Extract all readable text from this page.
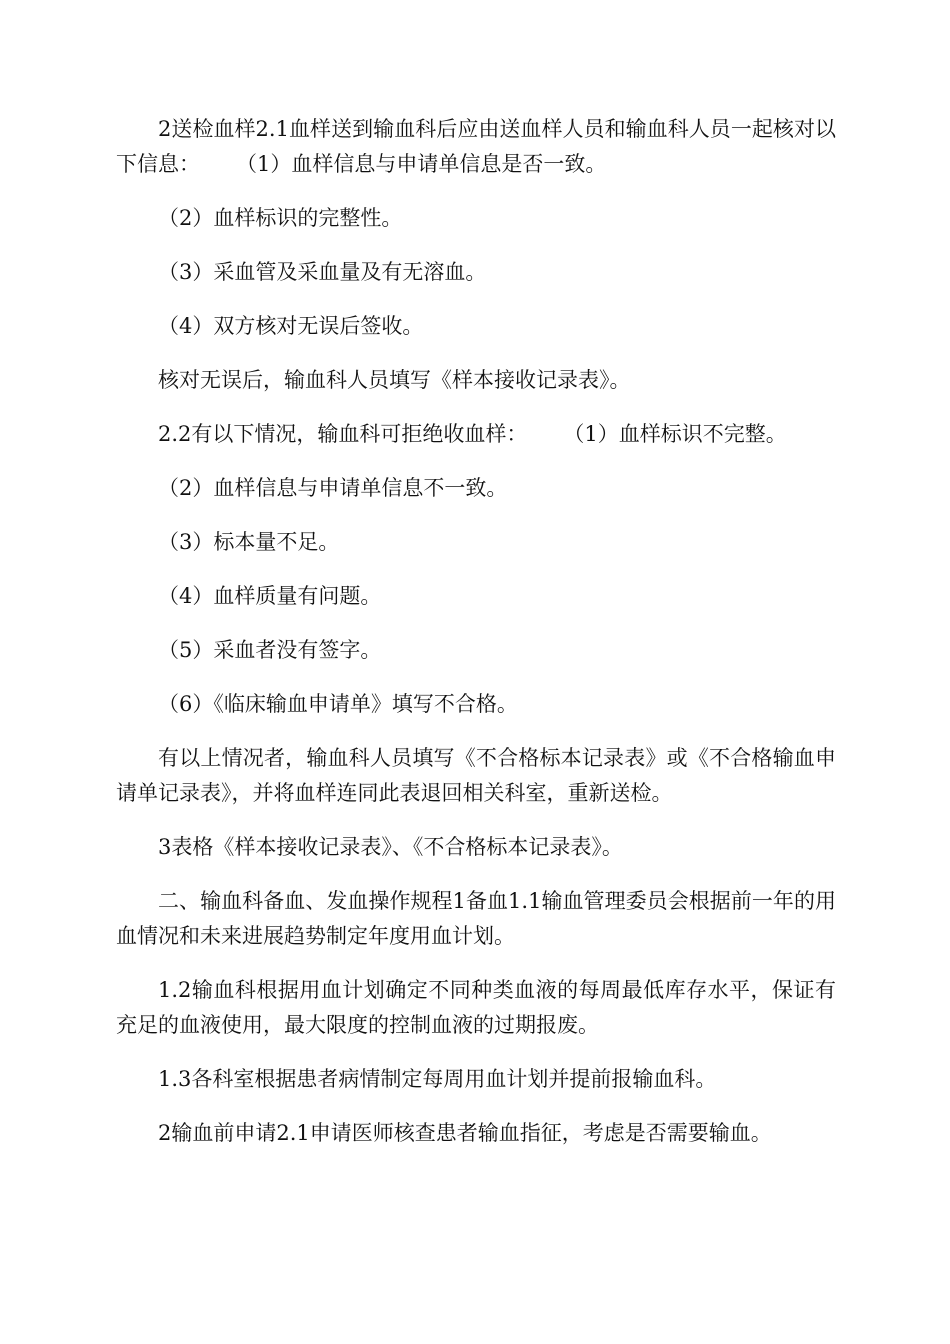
2送检血样2.1血样送到输血科后应由送血样人员和输血科人员一起核对以下信息： （1）血样信息与申请单信息是否一致。

（2）血样标识的完整性。

（3）采血管及采血量及有无溶血。

（4）双方核对无误后签收。

核对无误后，输血科人员填写《样本接收记录表》。

2.2有以下情况，输血科可拒绝收血样： （1）血样标识不完整。

（2）血样信息与申请单信息不一致。

（3）标本量不足。

（4）血样质量有问题。

（5）采血者没有签字。

（6）《临床输血申请单》填写不合格。

有以上情况者，输血科人员填写《不合格标本记录表》或《不合格输血申请单记录表》，并将血样连同此表退回相关科室，重新送检。

3表格《样本接收记录表》、《不合格标本记录表》。

二、输血科备血、发血操作规程1备血1.1输血管理委员会根据前一年的用血情况和未来进展趋势制定年度用血计划。

1.2输血科根据用血计划确定不同种类血液的每周最低库存水平，保证有充足的血液使用，最大限度的控制血液的过期报废。

1.3各科室根据患者病情制定每周用血计划并提前报输血科。

2输血前申请2.1申请医师核查患者输血指征，考虑是否需要输血。
